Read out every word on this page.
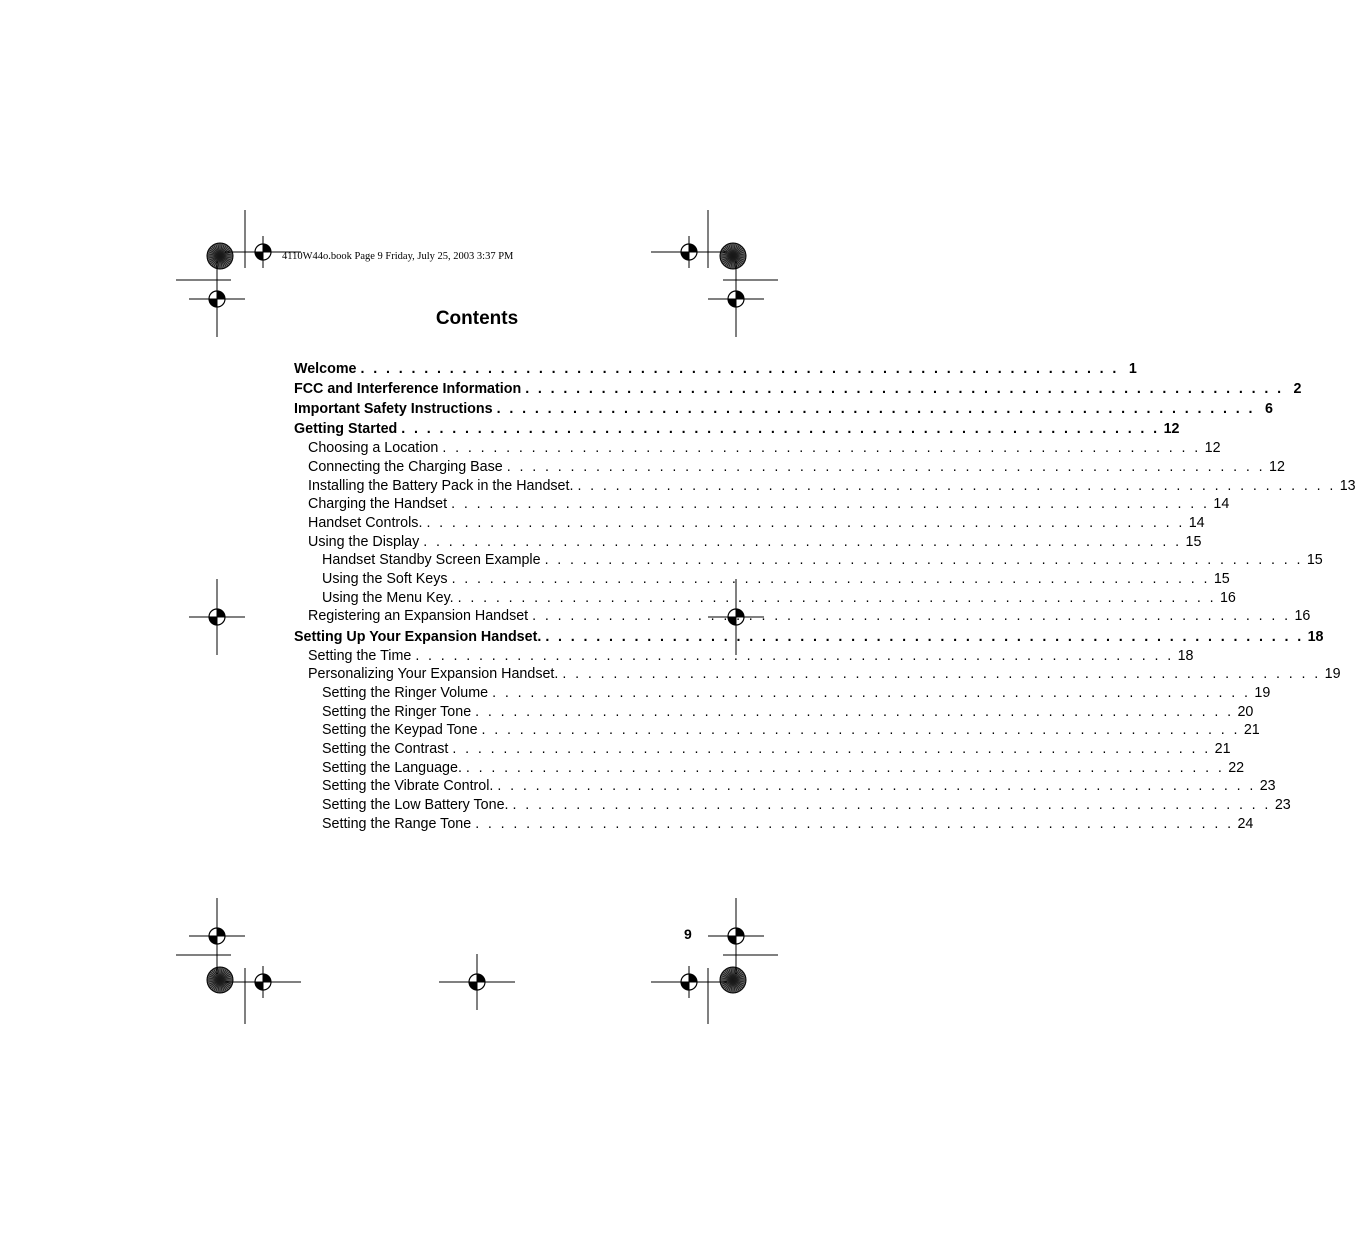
4110W44o.book Page 9 Friday, July 25, 2003 3:37 PM
Contents
Welcome . . . . . . . . . . . . . . . . . . . . . . . . . . . . . . . . . . . . . . . . . . . . . . . . . . . . . . . . . . . . 1
FCC and Interference Information . . . . . . . . . . . . . . . . . . . . . . . . . . . . . . . . . . . . . . . . . . . . . . . . . . . . . . . . . . . . 2
Important Safety Instructions . . . . . . . . . . . . . . . . . . . . . . . . . . . . . . . . . . . . . . . . . . . . . . . . . . . . . . . . . . . . 6
Getting Started . . . . . . . . . . . . . . . . . . . . . . . . . . . . . . . . . . . . . . . . . . . . . . . . . . . . . . . . . . . . 12
Choosing a Location . . . . . . . . . . . . . . . . . . . . . . . . . . . . . . . . . . . . . . . . . . . . . . . . . . . . . . . . . . . . 12
Connecting the Charging Base . . . . . . . . . . . . . . . . . . . . . . . . . . . . . . . . . . . . . . . . . . . . . . . . . . . . . . . . . . . . 12
Installing the Battery Pack in the Handset. . . . . . . . . . . . . . . . . . . . . . . . . . . . . . . . . . . . . . . . . . . . . . . . . . . . . . . . . . . . . 13
Charging the Handset . . . . . . . . . . . . . . . . . . . . . . . . . . . . . . . . . . . . . . . . . . . . . . . . . . . . . . . . . . . . 14
Handset Controls. . . . . . . . . . . . . . . . . . . . . . . . . . . . . . . . . . . . . . . . . . . . . . . . . . . . . . . . . . . . . 14
Using the Display . . . . . . . . . . . . . . . . . . . . . . . . . . . . . . . . . . . . . . . . . . . . . . . . . . . . . . . . . . . . 15
Handset Standby Screen Example . . . . . . . . . . . . . . . . . . . . . . . . . . . . . . . . . . . . . . . . . . . . . . . . . . . . . . . . . . . . 15
Using the Soft Keys . . . . . . . . . . . . . . . . . . . . . . . . . . . . . . . . . . . . . . . . . . . . . . . . . . . . . . . . . . . . 15
Using the Menu Key. . . . . . . . . . . . . . . . . . . . . . . . . . . . . . . . . . . . . . . . . . . . . . . . . . . . . . . . . . . . . 16
Registering an Expansion Handset . . . . . . . . . . . . . . . . . . . . . . . . . . . . . . . . . . . . . . . . . . . . . . . . . . . . . . . . . . . . 16
Setting Up Your Expansion Handset. . . . . . . . . . . . . . . . . . . . . . . . . . . . . . . . . . . . . . . . . . . . . . . . . . . . . . . . . . . . . 18
Setting the Time . . . . . . . . . . . . . . . . . . . . . . . . . . . . . . . . . . . . . . . . . . . . . . . . . . . . . . . . . . . . 18
Personalizing Your Expansion Handset. . . . . . . . . . . . . . . . . . . . . . . . . . . . . . . . . . . . . . . . . . . . . . . . . . . . . . . . . . . . . 19
Setting the Ringer Volume . . . . . . . . . . . . . . . . . . . . . . . . . . . . . . . . . . . . . . . . . . . . . . . . . . . . . . . . . . . . 19
Setting the Ringer Tone . . . . . . . . . . . . . . . . . . . . . . . . . . . . . . . . . . . . . . . . . . . . . . . . . . . . . . . . . . . . 20
Setting the Keypad Tone . . . . . . . . . . . . . . . . . . . . . . . . . . . . . . . . . . . . . . . . . . . . . . . . . . . . . . . . . . . . 21
Setting the Contrast . . . . . . . . . . . . . . . . . . . . . . . . . . . . . . . . . . . . . . . . . . . . . . . . . . . . . . . . . . . . 21
Setting the Language. . . . . . . . . . . . . . . . . . . . . . . . . . . . . . . . . . . . . . . . . . . . . . . . . . . . . . . . . . . . . 22
Setting the Vibrate Control. . . . . . . . . . . . . . . . . . . . . . . . . . . . . . . . . . . . . . . . . . . . . . . . . . . . . . . . . . . . . 23
Setting the Low Battery Tone. . . . . . . . . . . . . . . . . . . . . . . . . . . . . . . . . . . . . . . . . . . . . . . . . . . . . . . . . . . . . 23
Setting the Range Tone . . . . . . . . . . . . . . . . . . . . . . . . . . . . . . . . . . . . . . . . . . . . . . . . . . . . . . . . . . . . 24
9
